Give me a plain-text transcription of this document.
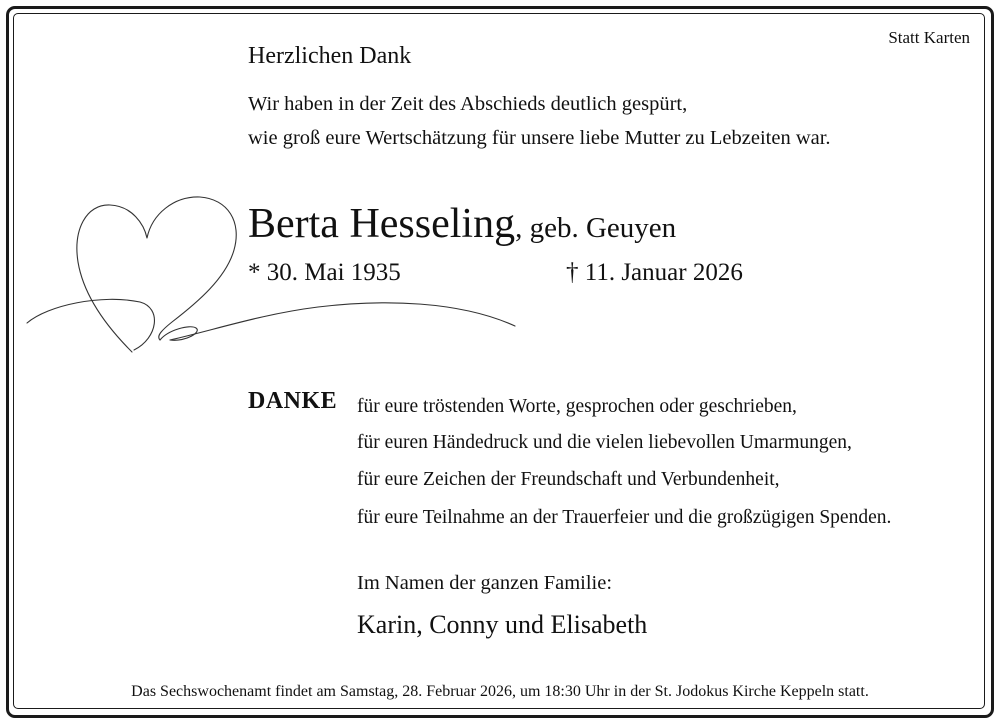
Statt Karten
Herzlichen Dank
Wir haben in der Zeit des Abschieds deutlich gespürt,
wie groß eure Wertschätzung für unsere liebe Mutter zu Lebzeiten war.
Berta Hesseling, geb. Geuyen
* 30. Mai 1935	† 11. Januar 2026
DANKE für eure tröstenden Worte, gesprochen oder geschrieben,
für euren Händedruck und die vielen liebevollen Umarmungen,
für eure Zeichen der Freundschaft und Verbundenheit,
für eure Teilnahme an der Trauerfeier und die großzügigen Spenden.
Im Namen der ganzen Familie:
Karin, Conny und Elisabeth
Das Sechswochenamt findet am Samstag, 28. Februar 2026, um 18:30 Uhr in der St. Jodokus Kirche Keppeln statt.
